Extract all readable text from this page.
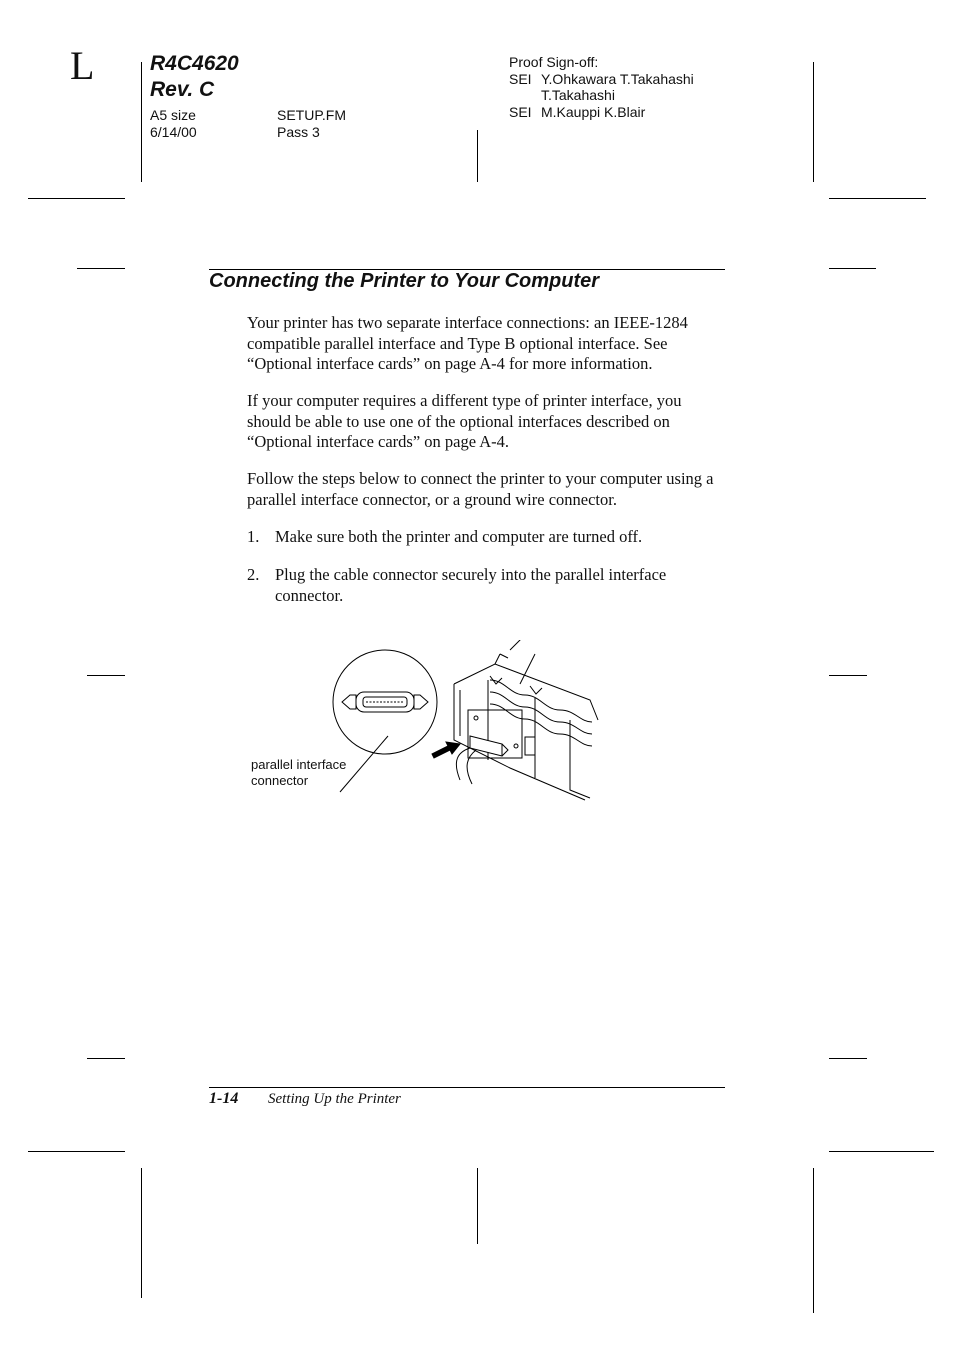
L	R4C4620
Rev. C
A5 size
6/14/00
SETUP.FM
Pass 3
Proof Sign-off:
SEI Y.Ohkawara T.Takahashi
T.Takahashi
SEI M.Kauppi K.Blair
Connecting the Printer to Your Computer

Your printer has two separate interface connections: an IEEE-1284 compatible parallel interface and Type B optional interface. See “Optional interface cards” on page A-4 for more information.

If your computer requires a different type of printer interface, you should be able to use one of the optional interfaces described on “Optional interface cards” on page A-4.

Follow the steps below to connect the printer to your computer using a parallel interface connector, or a ground wire connector.

1. Make sure both the printer and computer are turned off.

2. Plug the cable connector securely into the parallel interface connector.

parallel interface
connector
1-14 Setting Up the Printer
